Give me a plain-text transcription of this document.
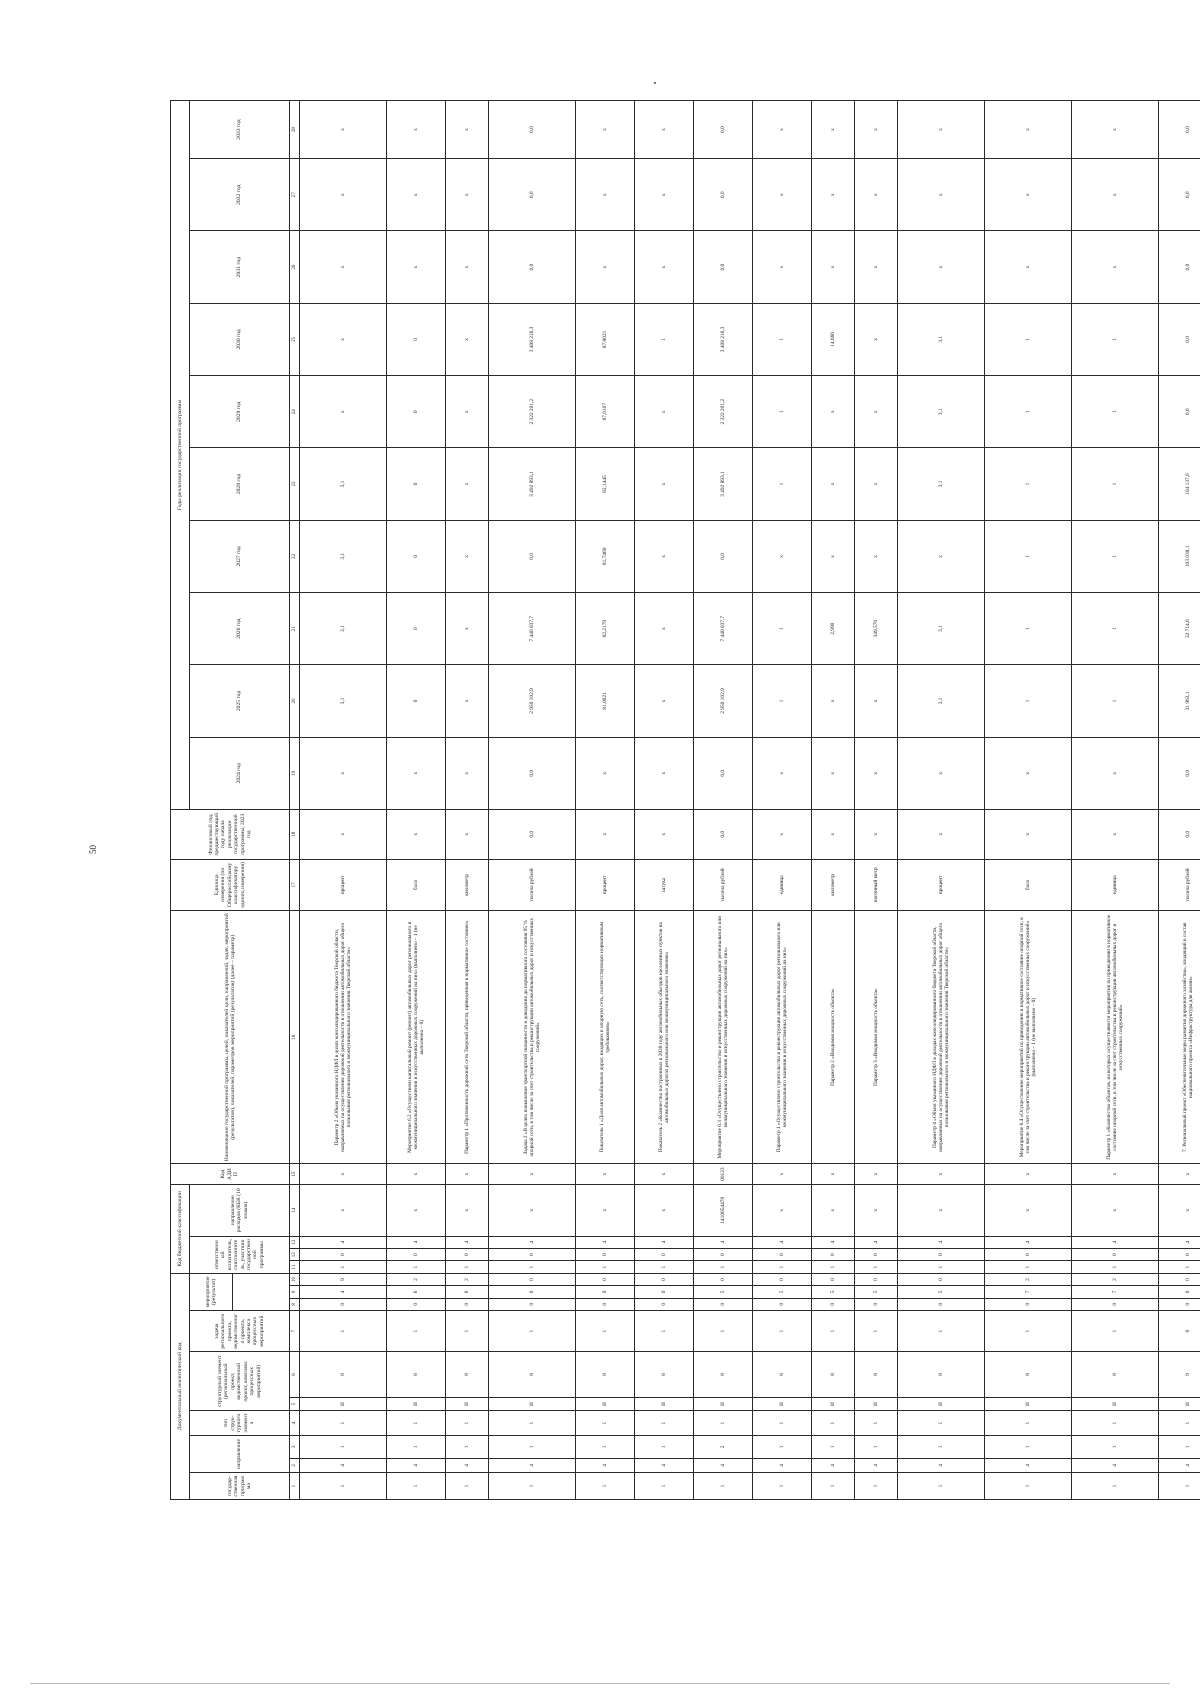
50
Документальный аналитический код										Код бюджетной классификации				Код АДИП	Наименование государственной программы, целей, показателей цели, направлений, задач, мероприятий (результатов), показателей, параметров мероприятий (результатов) (далее – параметр)	Единица измерения (по Общероссийскому классификатору единиц измерения)	Финансовый год, предшествующий году начала реализации государственной программы, 2023 год	Годы реализации государственной программы									
государ-ственная программа	направление		тип струк-турного элемента	структурный элемент (региональный проект, ведомственный проект, комплекс процессных мероприятий)		задача регионального проекта, ведомственного проекта, комплекса процессных мероприятий	мероприятие (результат)			ответственный исполнитель, соисполнитель, участник государственной программы			направление расходов (КБК (10 знаков)					2024 год	2025 год	2026 год	2027 год	2028 год	2029 год	2030 год	2031 год	2032 год	2033 год

1	2	3	4	5	6	7	8	9	10	11	12	13	14	15	16	17	18	19	20	21	22	23	24	25	26	27	28
1	4	1	1	И	8	1	0	4	9	1	0	4	x	x	Параметр 2 «Объем указанного НДФЛ в долях консолидированного бюджета Тверской области, направляемых на осуществление дорожной деятельности в отношении автомобильных дорог общего пользования регионального и межмуниципального значения Тверской области»	процент	x	x	3,1	3,1	3,1	3,1	x	x	x	x	x
1	4	1	1	И	8	1	0	6	2	1	0	4	x	x	Мероприятие 6.2 «Осуществлен капитальный ремонт (ремонт) автомобильных дорог регионального и межмуниципального значения и искусственных дорожных сооружений на них» (выполнено – 1 (не выполнено – 0)	балл	x	x	0	0	0	0	0	0	x	x	x
1	4	1	1	И	8	1	0	6	2	1	0	4	x	x	Параметр 1 «Протяженность дорожной сети Тверской области, приведенная в нормативное состояние»	километр	x	x	x	x	x	x	x	x	x	x	x
1	4	1	1	И	8	1	0	0	0	1	0	4	x	x	Задача 2 «В целях повышения транспортной связанности и доведения до нормативного состояния 85 % опорной сети, в том числе за счет строительства и реконструкции автомобильных дорог и искусственных сооружений»	тысяча рублей	0,0	0,0	2 950 102,9	7 440 837,7	0,0	3 492 893,1	2 322 201,2	3 408 216,3	0,0	0,0	0,0
1	4	1	1	И	8	1	0	0	0	1	0	4	x	x	Показатель 1 «Доля автомобильных дорог, входящих в опорную сеть, соответствующих нормативным требованиям»	процент	x	x	81,0021	82,2179	81,7460	82,1445	87,0107	87,8021	x	x	x
1	4	1	1	И	8	1	0	0	0	1	0	4	x	x	Показатель 2 «Количество построенных к 2030 году автомобильных объездов населенных пунктов на автомобильных дорогах регионального или межмуниципального значения»	штука	x	x	x	x	x	x	x	1	x	x	x
1	4	2	1	И	8	1	0	5	0	1	0	4	1410054470	00123	Мероприятие 6.3 «Осуществлено строительство и реконструкция автомобильных дорог регионального или межмуниципального значения и искусственных дорожных сооружений на них»	тысяча рублей	0,0	0,0	2 950 102,9	7 440 837,7	0,0	3 492 893,1	2 322 201,2	3 408 216,3	0,0	0,0	0,0
1	4	1	1	И	8	1	0	5	0	1	0	4	x	x	Параметр 1 «Осуществлено строительство и реконструкция автомобильных дорог регионального или межмуниципального значения и искусственных дорожных сооружений на них»	единица	x	x	1	1	x	1	1	1	x	x	x
1	4	1	1	И	8	1	0	5	0	1	0	4	x	x	Параметр 2 «Вводимая мощность объекта»	километр	x	x	x	2,990	x	x	x	14,666	x	x	x
1	4	1	1	И	8	1	0	5	0	1	0	4	x	x	Параметр 3 «Вводимая мощность объекта»	погонный метр	x	x	x	349,570	x	x	x	x	x	x	x
1	4	1	1	И	8	1	0	5	0	1	0	4	x	x	Параметр 4 «Объем указанного НДФЛ в доходах консолидированного бюджета Тверской области, направляемых на осуществление дорожной деятельности в отношении автомобильных дорог общего пользования регионального и межмуниципального значения Тверской области»	процент	x	x	3,1	3,1	x	3,1	3,1	3,1	x	x	x
1	4	1	1	И	8	1	0	7	2	1	0	4	x	x	Мероприятие 6.4 «Осуществление мероприятий по приведению в нормативное состояние опорной сети, в том числе за счет строительства и реконструкции автомобильных дорог и искусственных сооружений» (выполнено – 1 (не выполнено – 0)	балл	x	x	1	1	1	1	1	1	x	x	x
1	4	1	1	И	8	1	0	7	2	1	0	4	x	x	Параметр 1 «Количество объектов, на которых осуществляются мероприятия по приведению в нормативное состояние опорной сети, в том числе за счет строительства и реконструкции автомобильных дорог и искусственных сооружений»	единица	x	x	1	1	1	1	1	1	x	x	x
1	4	1	1	И	9	0	0	0	0	1	0	4	x	x	7. Региональный проект «Обеспечительные меры развития дорожного хозяйства», входящий в состав национального проекта «Инфраструктура для жизни»	тысяча рублей	0,0	0,0	31 963,1	32 714,6	103 038,1	104 137,6	0,0	0,0	0,0	0,0	0,0
